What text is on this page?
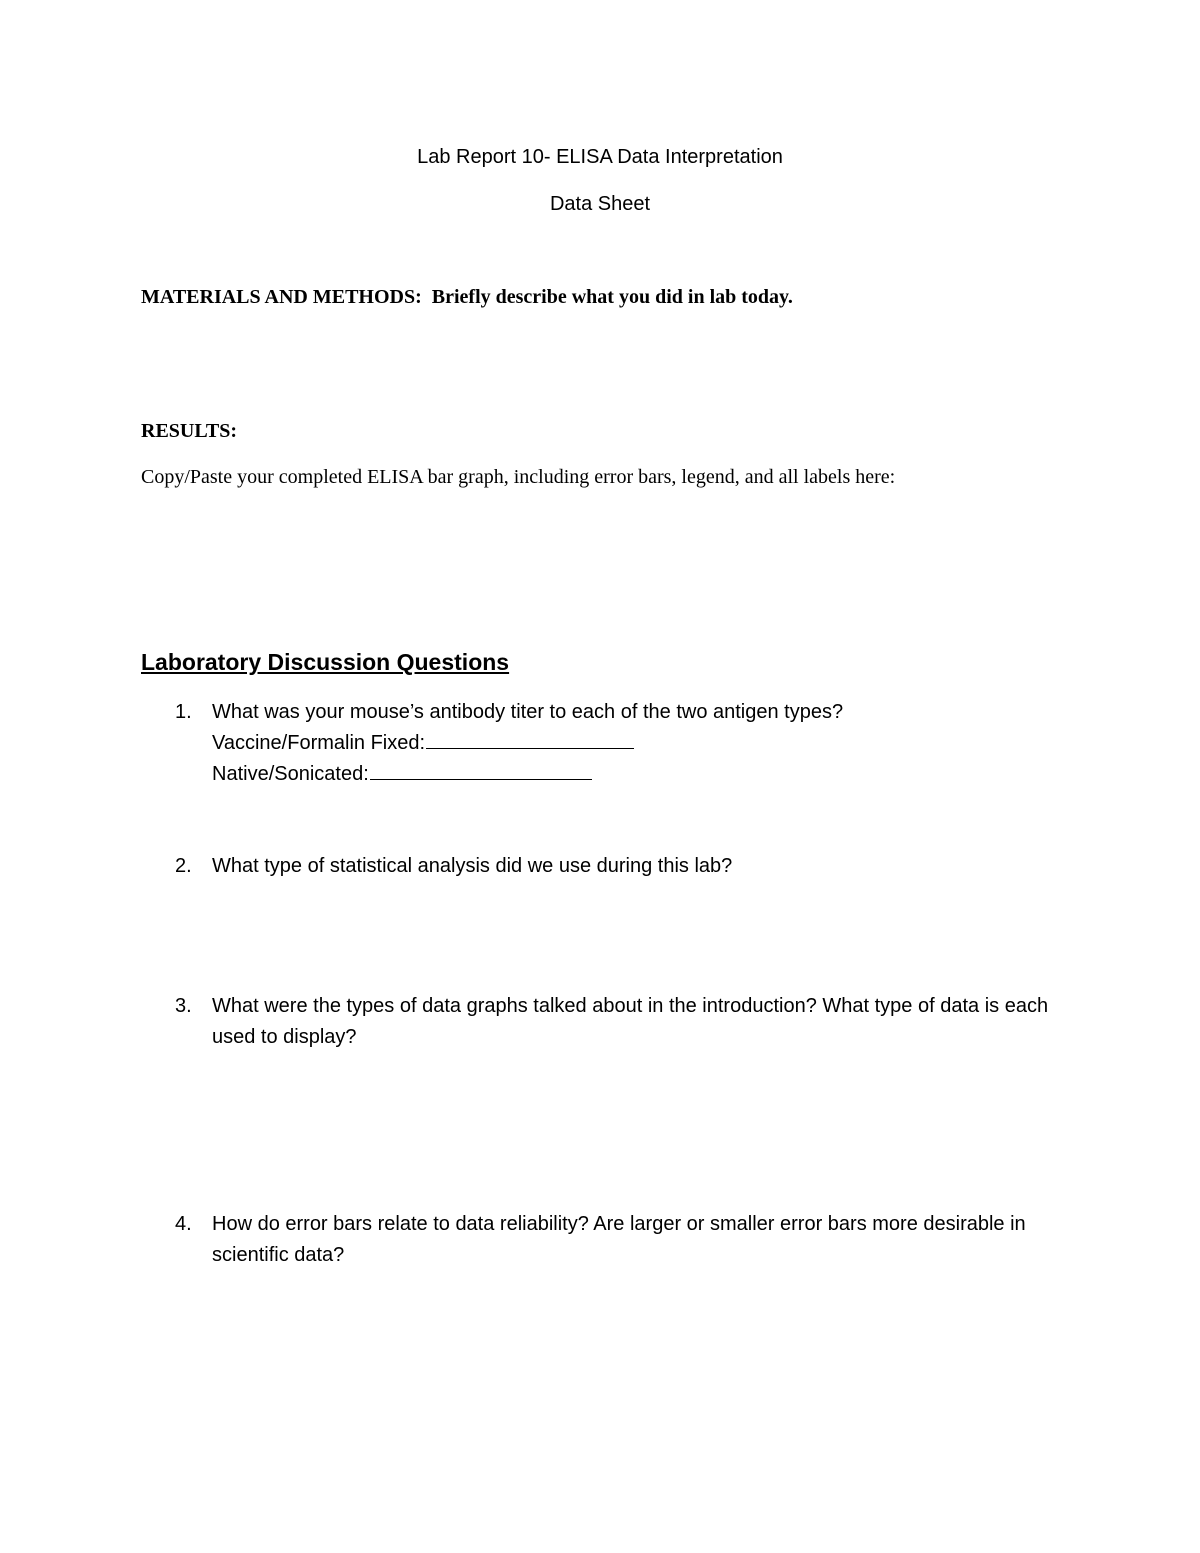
Lab Report 10- ELISA Data Interpretation
Data Sheet
MATERIALS AND METHODS: Briefly describe what you did in lab today.
RESULTS:
Copy/Paste your completed ELISA bar graph, including error bars, legend, and all labels here:
Laboratory Discussion Questions
1. What was your mouse’s antibody titer to each of the two antigen types?
Vaccine/Formalin Fixed:
Native/Sonicated:
2. What type of statistical analysis did we use during this lab?
3. What were the types of data graphs talked about in the introduction? What type of data is each used to display?
4. How do error bars relate to data reliability? Are larger or smaller error bars more desirable in scientific data?
